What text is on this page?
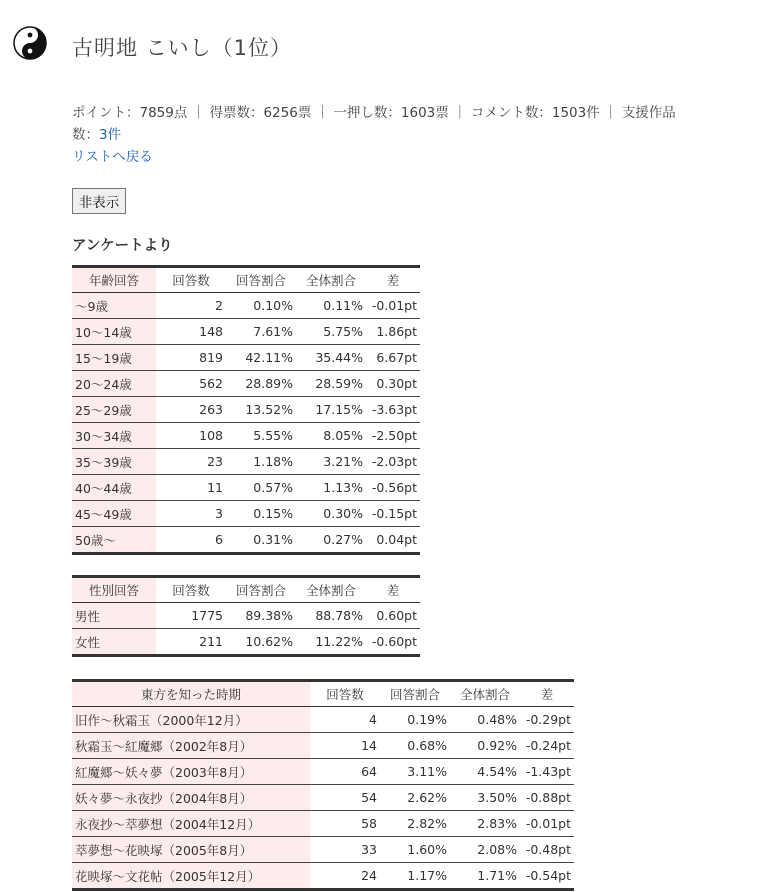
古明地 こいし（1位）
ポイント：7859点 ｜ 得票数：6256票 ｜ 一押し数：1603票 ｜ コメント数：1503件 ｜ 支援作品数：3件
リストへ戻る
非表示
アンケートより
年齢回答	回答数	回答割合	全体割合	差
～9歳	2	0.10%	0.11%	-0.01pt
10～14歳	148	7.61%	5.75%	1.86pt
15～19歳	819	42.11%	35.44%	6.67pt
20～24歳	562	28.89%	28.59%	0.30pt
25～29歳	263	13.52%	17.15%	-3.63pt
30～34歳	108	5.55%	8.05%	-2.50pt
35～39歳	23	1.18%	3.21%	-2.03pt
40～44歳	11	0.57%	1.13%	-0.56pt
45～49歳	3	0.15%	0.30%	-0.15pt
50歳～	6	0.31%	0.27%	0.04pt
性別回答	回答数	回答割合	全体割合	差
男性	1775	89.38%	88.78%	0.60pt
女性	211	10.62%	11.22%	-0.60pt
東方を知った時期	回答数	回答割合	全体割合	差
旧作～秋霜玉（2000年12月）	4	0.19%	0.48%	-0.29pt
秋霜玉～紅魔郷（2002年8月）	14	0.68%	0.92%	-0.24pt
紅魔郷～妖々夢（2003年8月）	64	3.11%	4.54%	-1.43pt
妖々夢～永夜抄（2004年8月）	54	2.62%	3.50%	-0.88pt
永夜抄～萃夢想（2004年12月）	58	2.82%	2.83%	-0.01pt
萃夢想～花映塚（2005年8月）	33	1.60%	2.08%	-0.48pt
花映塚～文花帖（2005年12月）	24	1.17%	1.71%	-0.54pt
